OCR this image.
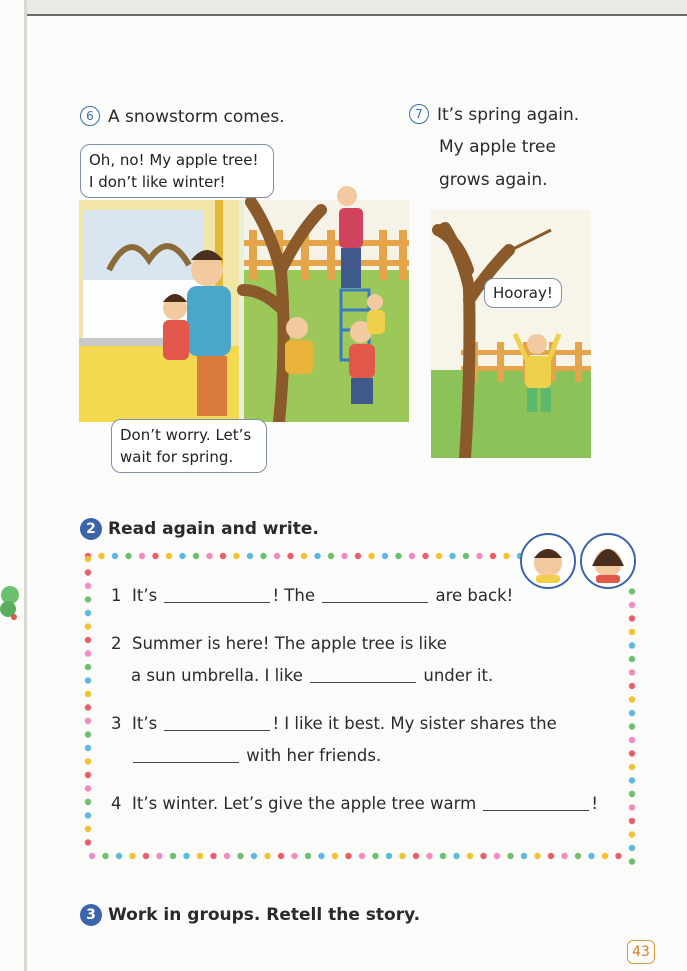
6 A snowstorm comes.
Oh, no! My apple tree!
I don’t like winter!
Don’t worry. Let’s
wait for spring.
7 It’s spring again.
My apple tree
grows again.
Hooray!
2 Read again and write.
1 It’s	! The	are back!
2 Summer is here! The apple tree is like
a sun umbrella. I like	under it.
3 It’s	! I like it best. My sister shares the
with her friends.
4 It’s winter. Let’s give the apple tree warm	!
3 Work in groups. Retell the story.
43
